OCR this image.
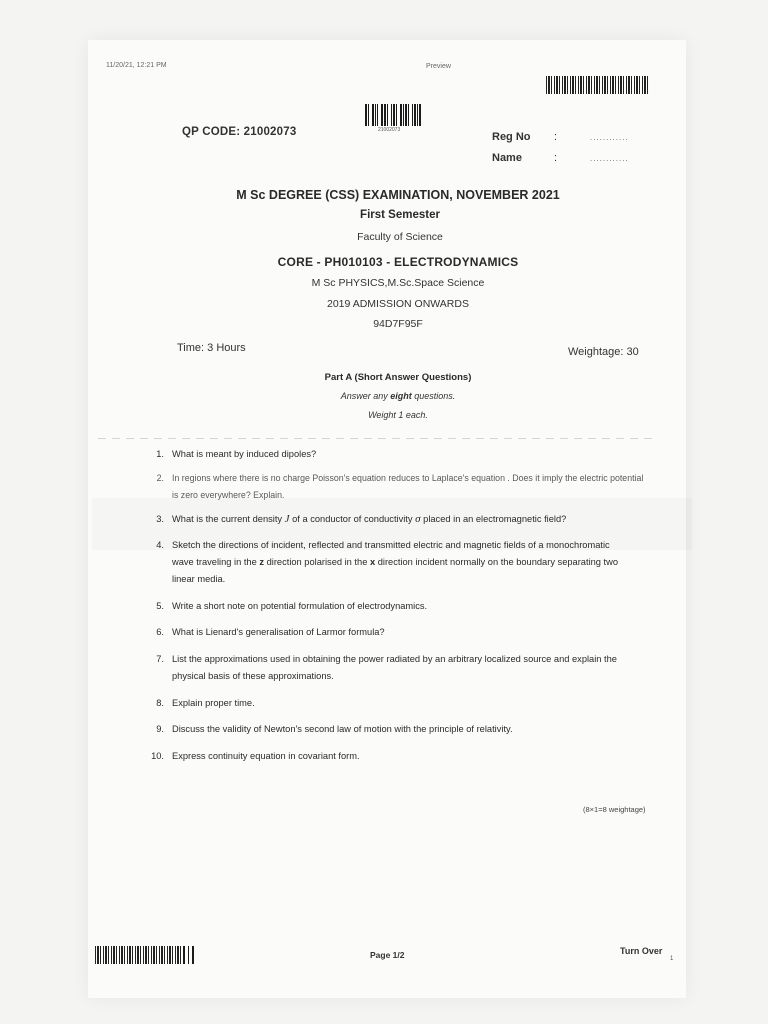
11/20/21, 12:21 PM	Preview
21002073
QP CODE: 21002073	Reg No :	............
Name	:	............
M Sc DEGREE (CSS) EXAMINATION, NOVEMBER 2021
First Semester
Faculty of Science
CORE - PH010103 - ELECTRODYNAMICS
M Sc PHYSICS,M.Sc.Space Science
2019 ADMISSION ONWARDS
94D7F95F
Time: 3 Hours	Weightage: 30
Part A (Short Answer Questions)
Answer any eight questions.
Weight 1 each.
1. What is meant by induced dipoles?
2. In regions where there is no charge Poisson's equation reduces to Laplace's equation . Does it imply the electric potential is zero everywhere? Explain.
3. What is the current density J of a conductor of conductivity σ placed in an electromagnetic field?
4. Sketch the directions of incident, reflected and transmitted electric and magnetic fields of a monochromatic wave traveling in the z direction polarised in the x direction incident normally on the boundary separating two linear media.
5. Write a short note on potential formulation of electrodynamics.
6. What is Lienard's generalisation of Larmor formula?
7. List the approximations used in obtaining the power radiated by an arbitrary localized source and explain the physical basis of these approximations.
8. Explain proper time.
9. Discuss the validity of Newton's second law of motion with the principle of relativity.
10. Express continuity equation in covariant form.
(8×1=8 weightage)
Page 1/2	Turn Over
1
